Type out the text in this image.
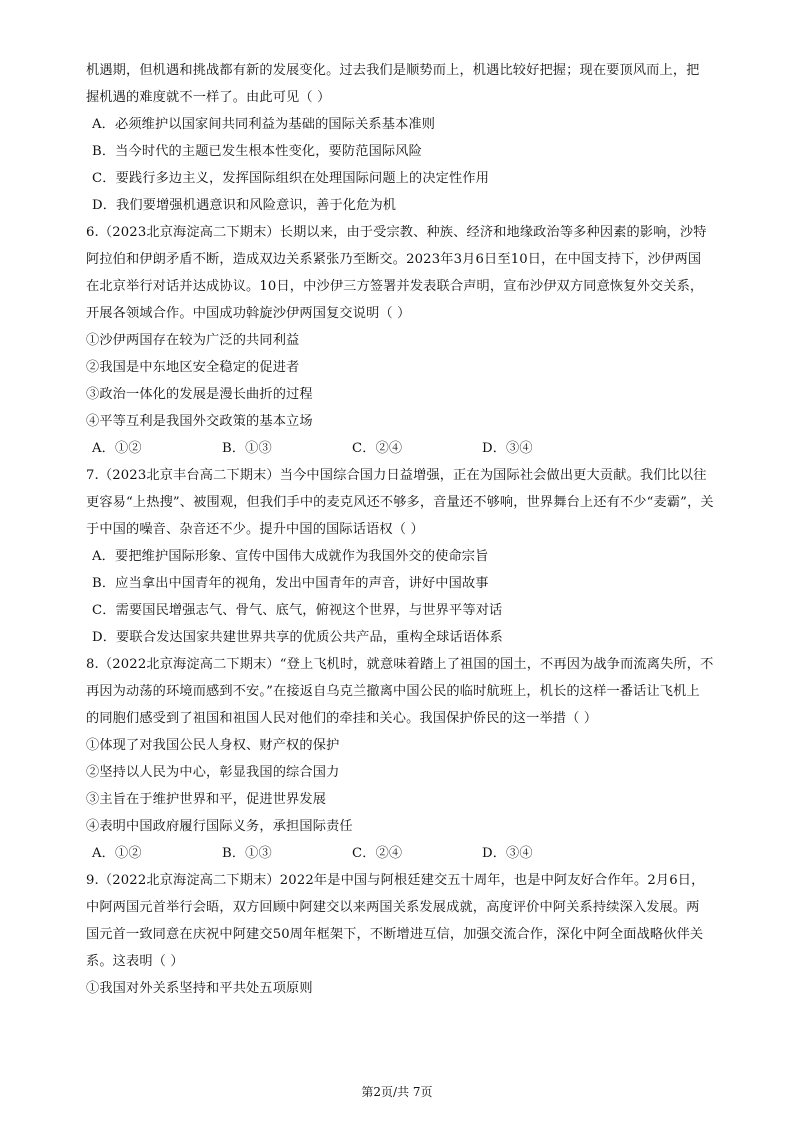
机遇期，但机遇和挑战都有新的发展变化。过去我们是顺势而上，机遇比较好把握；现在要顶风而上，把
握机遇的难度就不一样了。由此可见（ ）
A．必须维护以国家间共同利益为基础的国际关系基本准则
B．当今时代的主题已发生根本性变化，要防范国际风险
C．要践行多边主义，发挥国际组织在处理国际问题上的决定性作用
D．我们要增强机遇意识和风险意识，善于化危为机
6.（2023北京海淀高二下期末）长期以来，由于受宗教、种族、经济和地缘政治等多种因素的影响，沙特
阿拉伯和伊朗矛盾不断，造成双边关系紧张乃至断交。2023年3月6日至10日，在中国支持下，沙伊两国
在北京举行对话并达成协议。10日，中沙伊三方签署并发表联合声明，宣布沙伊双方同意恢复外交关系，
开展各领域合作。中国成功斡旋沙伊两国复交说明（ ）
①沙伊两国存在较为广泛的共同利益
②我国是中东地区安全稳定的促进者
③政治一体化的发展是漫长曲折的过程
④平等互利是我国外交政策的基本立场
A．①②	B．①③	C．②④	D．③④
7.（2023北京丰台高二下期末）当今中国综合国力日益增强，正在为国际社会做出更大贡献。我们比以往
更容易“上热搜”、被围观，但我们手中的麦克风还不够多，音量还不够响，世界舞台上还有不少“麦霸”，关
于中国的噪音、杂音还不少。提升中国的国际话语权（ ）
A．要把维护国际形象、宣传中国伟大成就作为我国外交的使命宗旨
B．应当拿出中国青年的视角，发出中国青年的声音，讲好中国故事
C．需要国民增强志气、骨气、底气，俯视这个世界，与世界平等对话
D．要联合发达国家共建世界共享的优质公共产品，重构全球话语体系
8.（2022北京海淀高二下期末）“登上飞机时，就意味着踏上了祖国的国土，不再因为战争而流离失所，不
再因为动荡的环境而感到不安。”在接返自乌克兰撤离中国公民的临时航班上，机长的这样一番话让飞机上
的同胞们感受到了祖国和祖国人民对他们的牵挂和关心。我国保护侨民的这一举措（ ）
①体现了对我国公民人身权、财产权的保护
②坚持以人民为中心，彰显我国的综合国力
③主旨在于维护世界和平，促进世界发展
④表明中国政府履行国际义务，承担国际责任
A．①②	B．①③	C．②④	D．③④
9.（2022北京海淀高二下期末）2022年是中国与阿根廷建交五十周年，也是中阿友好合作年。2月6日，
中阿两国元首举行会晤，双方回顾中阿建交以来两国关系发展成就，高度评价中阿关系持续深入发展。两
国元首一致同意在庆祝中阿建交50周年框架下，不断增进互信，加强交流合作，深化中阿全面战略伙伴关
系。这表明（ ）
①我国对外关系坚持和平共处五项原则
第2页/共 7页
